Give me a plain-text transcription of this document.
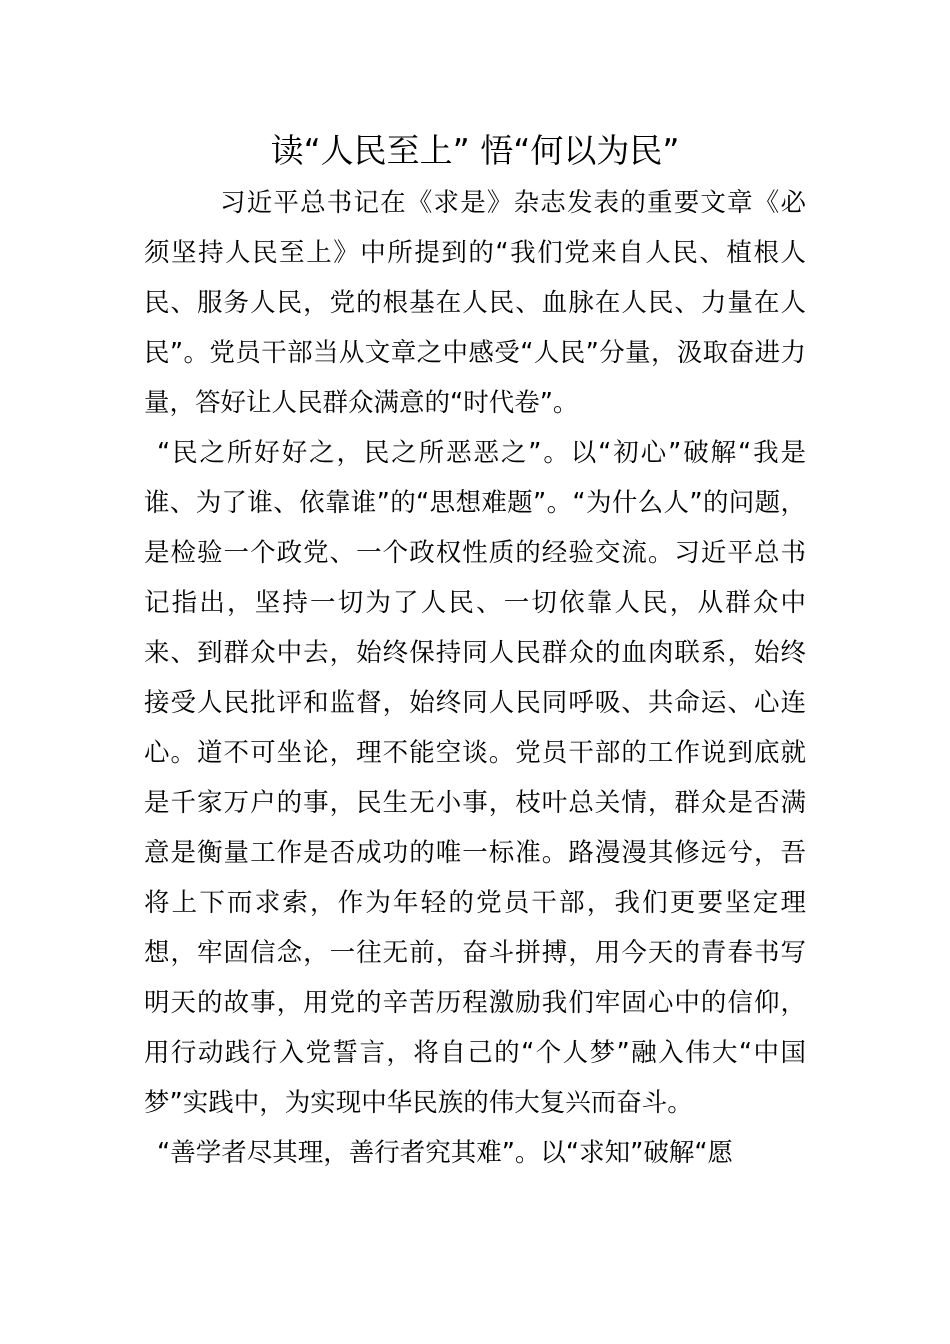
读“人民至上” 悟“何以为民”

习近平总书记在《求是》杂志发表的重要文章《必须坚持人民至上》中所提到的“我们党来自人民、植根人民、服务人民，党的根基在人民、血脉在人民、力量在人民”。党员干部当从文章之中感受“人民”分量，汲取奋进力量，答好让人民群众满意的“时代卷”。

“民之所好好之，民之所恶恶之”。以“初心”破解“我是谁、为了谁、依靠谁”的“思想难题”。“为什么人”的问题，是检验一个政党、一个政权性质的经验交流。习近平总书记指出，坚持一切为了人民、一切依靠人民，从群众中来、到群众中去，始终保持同人民群众的血肉联系，始终接受人民批评和监督，始终同人民同呼吸、共命运、心连心。道不可坐论，理不能空谈。党员干部的工作说到底就是千家万户的事，民生无小事，枝叶总关情，群众是否满意是衡量工作是否成功的唯一标准。路漫漫其修远兮，吾将上下而求索，作为年轻的党员干部，我们更要坚定理想，牢固信念，一往无前，奋斗拼搏，用今天的青春书写明天的故事，用党的辛苦历程激励我们牢固心中的信仰，用行动践行入党誓言，将自己的“个人梦”融入伟大“中国梦”实践中，为实现中华民族的伟大复兴而奋斗。

“善学者尽其理，善行者究其难”。以“求知”破解“愿
